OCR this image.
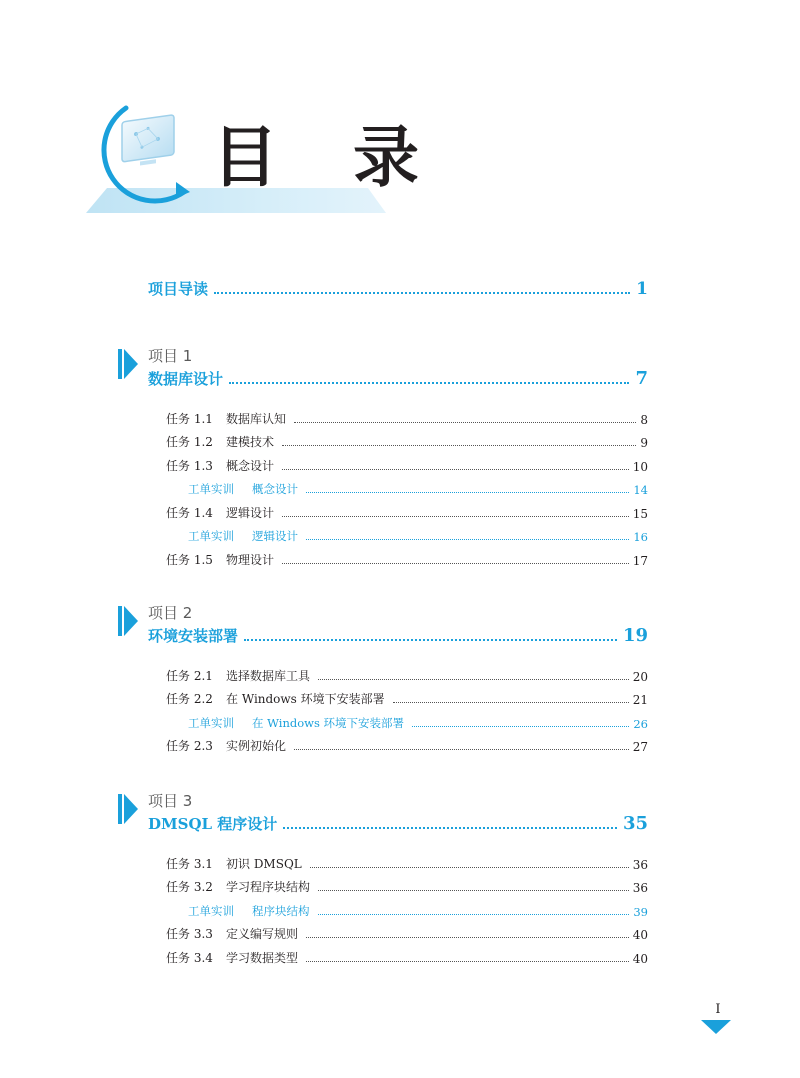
目 录
项目导读	1
项目 1
数据库设计	7
任务 1.1	数据库认知	8
任务 1.2	建模技术	9
任务 1.3	概念设计	10
工单实训	概念设计	14
任务 1.4	逻辑设计	15
工单实训	逻辑设计	16
任务 1.5	物理设计	17
项目 2
环境安装部署	19
任务 2.1	选择数据库工具	20
任务 2.2	在 Windows 环境下安装部署	21
工单实训	在 Windows 环境下安装部署	26
任务 2.3	实例初始化	27
项目 3
DMSQL 程序设计	35
任务 3.1	初识 DMSQL	36
任务 3.2	学习程序块结构	36
工单实训	程序块结构	39
任务 3.3	定义编写规则	40
任务 3.4	学习数据类型	40
I
